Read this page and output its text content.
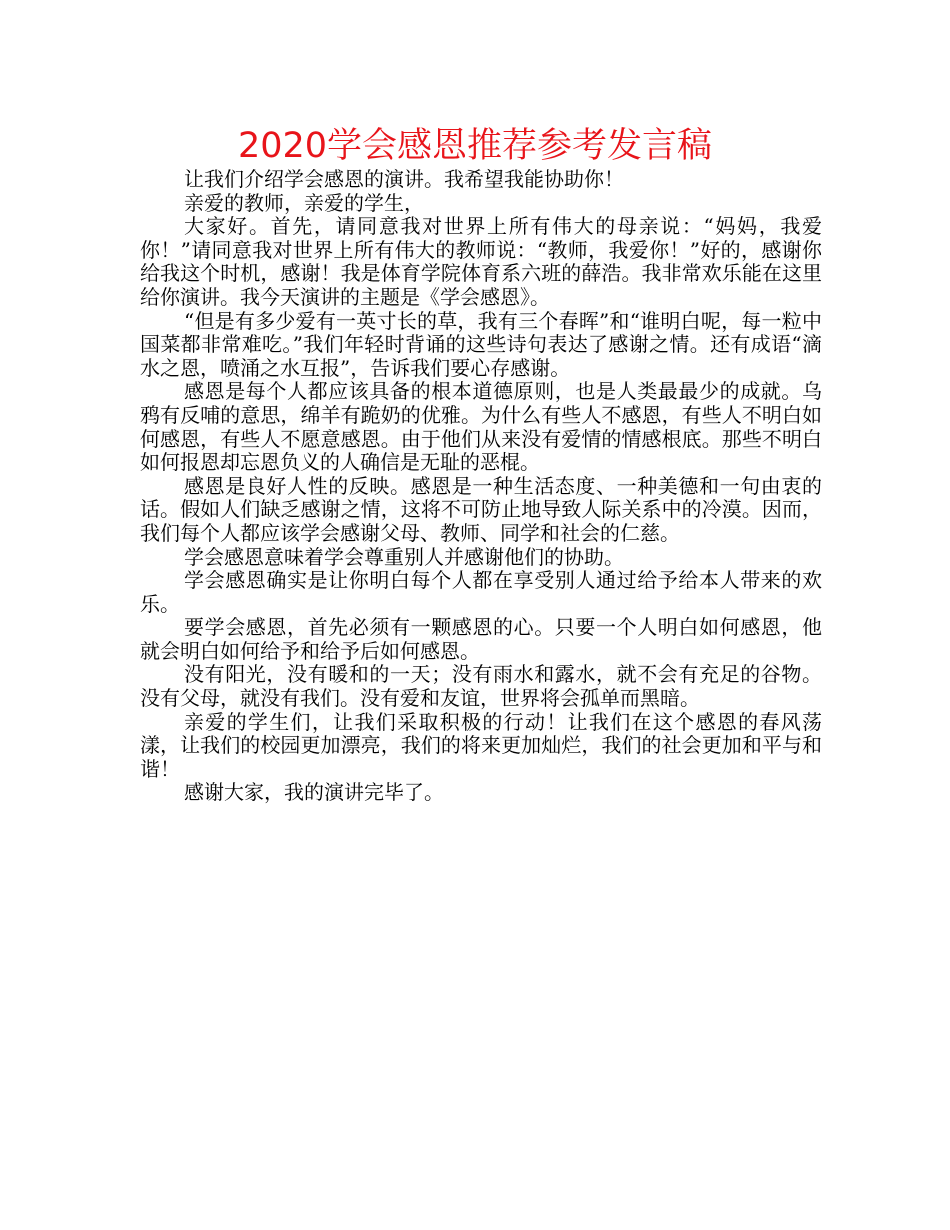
2020学会感恩推荐参考发言稿

让我们介绍学会感恩的演讲。我希望我能协助你！

亲爱的教师，亲爱的学生，

大家好。首先，请同意我对世界上所有伟大的母亲说：“妈妈，我爱你！”请同意我对世界上所有伟大的教师说：“教师，我爱你！”好的，感谢你给我这个时机，感谢！我是体育学院体育系六班的薛浩。我非常欢乐能在这里给你演讲。我今天演讲的主题是《学会感恩》。

“但是有多少爱有一英寸长的草，我有三个春晖”和“谁明白呢，每一粒中国菜都非常难吃。”我们年轻时背诵的这些诗句表达了感谢之情。还有成语“滴水之恩，喷涌之水互报”，告诉我们要心存感谢。

感恩是每个人都应该具备的根本道德原则，也是人类最最少的成就。乌鸦有反哺的意思，绵羊有跪奶的优雅。为什么有些人不感恩，有些人不明白如何感恩，有些人不愿意感恩。由于他们从来没有爱情的情感根底。那些不明白如何报恩却忘恩负义的人确信是无耻的恶棍。

感恩是良好人性的反映。感恩是一种生活态度、一种美德和一句由衷的话。假如人们缺乏感谢之情，这将不可防止地导致人际关系中的冷漠。因而，我们每个人都应该学会感谢父母、教师、同学和社会的仁慈。

学会感恩意味着学会尊重别人并感谢他们的协助。

学会感恩确实是让你明白每个人都在享受别人通过给予给本人带来的欢乐。

要学会感恩，首先必须有一颗感恩的心。只要一个人明白如何感恩，他就会明白如何给予和给予后如何感恩。

没有阳光，没有暖和的一天；没有雨水和露水，就不会有充足的谷物。没有父母，就没有我们。没有爱和友谊，世界将会孤单而黑暗。

亲爱的学生们，让我们采取积极的行动！让我们在这个感恩的春风荡漾，让我们的校园更加漂亮，我们的将来更加灿烂，我们的社会更加和平与和谐！

感谢大家，我的演讲完毕了。
